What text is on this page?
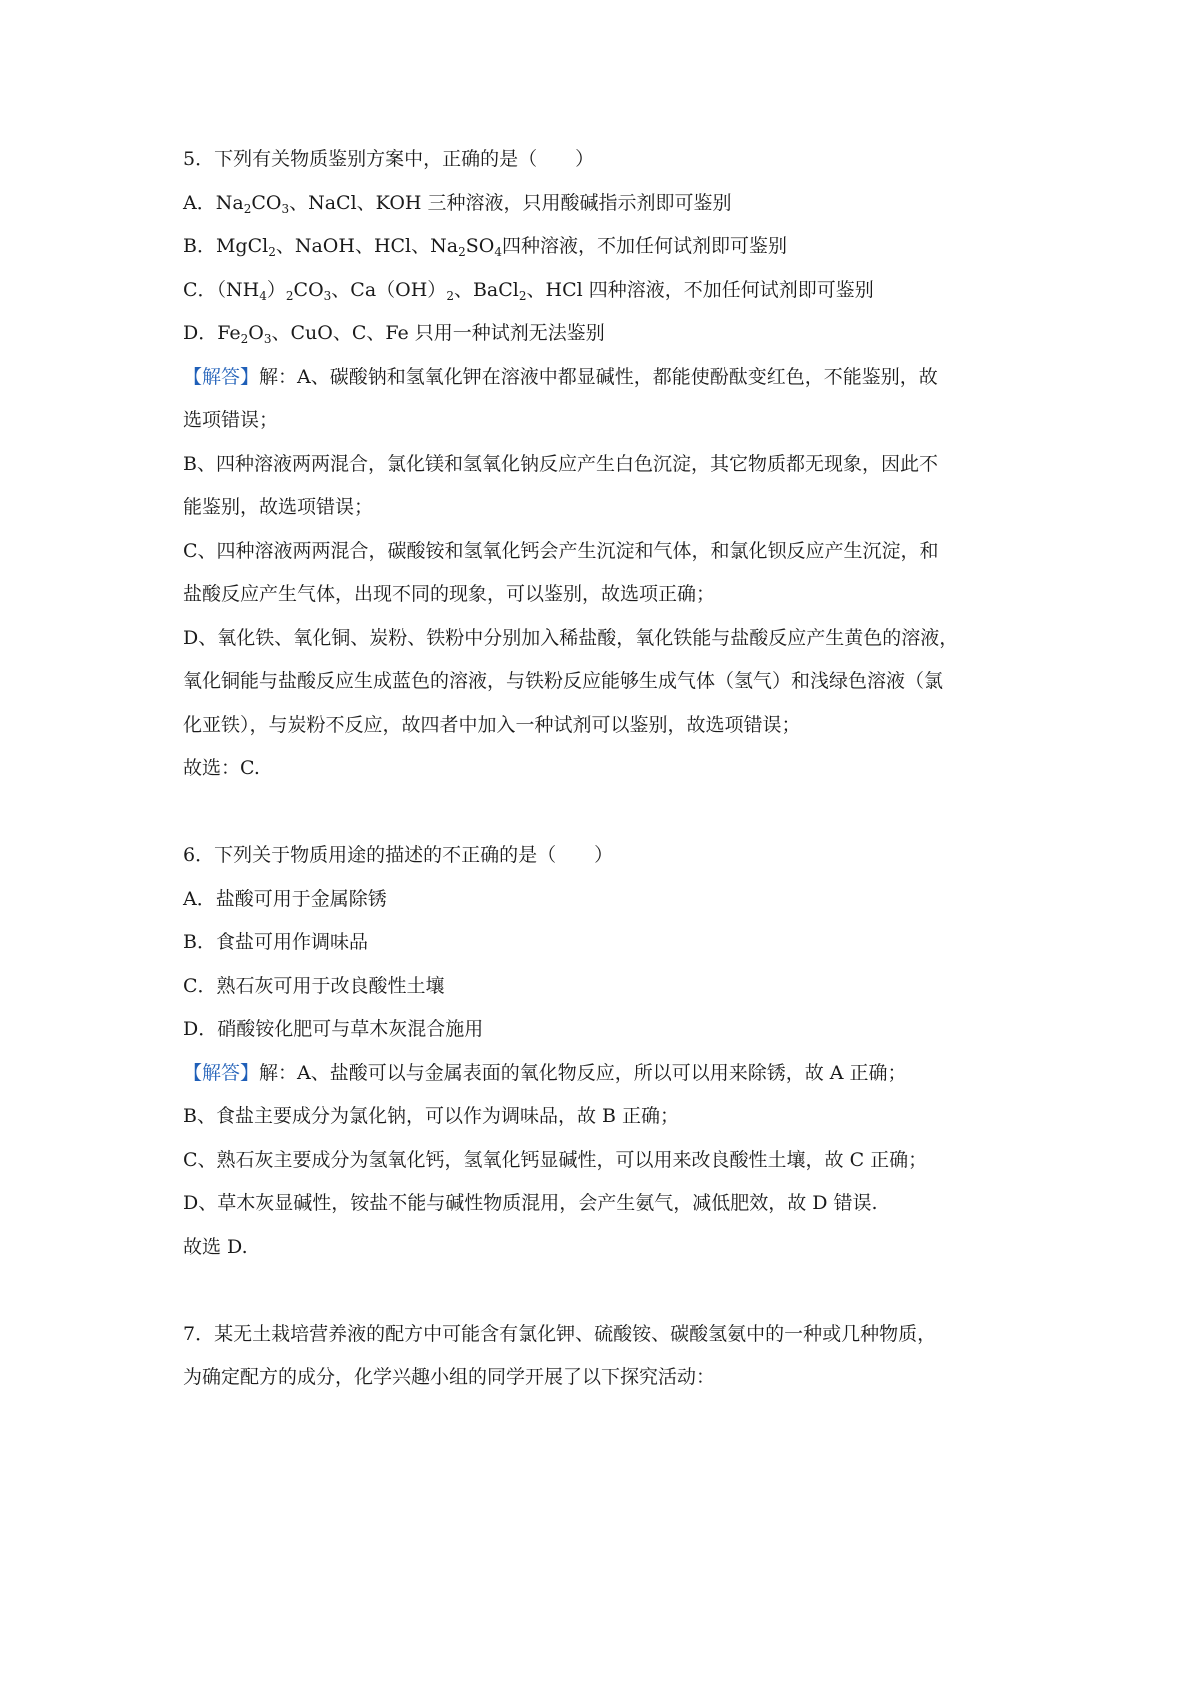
5．下列有关物质鉴别方案中，正确的是（　　）
A．$Na_2CO_3$、NaCl、KOH 三种溶液，只用酸碱指示剂即可鉴别
B．MgCl$_2$、NaOH、HCl、$Na_2SO_4$四种溶液，不加任何试剂即可鉴别
C．$(NH_4)_2CO_3$、$Ca(OH)_2$、BaCl$_2$、HCl 四种溶液，不加任何试剂即可鉴别
D．$Fe_2O_3$、CuO、C、Fe 只用一种试剂无法鉴别
【解答】解：A、碳酸钠和氢氧化钾在溶液中都显碱性，都能使酚酞变红色，不能鉴别，故
选项错误；
B、四种溶液两两混合，氯化镁和氢氧化钠反应产生白色沉淀，其它物质都无现象，因此不
能鉴别，故选项错误；
C、四种溶液两两混合，碳酸铵和氢氧化钙会产生沉淀和气体，和氯化钡反应产生沉淀，和
盐酸反应产生气体，出现不同的现象，可以鉴别，故选项正确；
D、氧化铁、氧化铜、炭粉、铁粉中分别加入稀盐酸，氧化铁能与盐酸反应产生黄色的溶液，
氧化铜能与盐酸反应生成蓝色的溶液，与铁粉反应能够生成气体（氢气）和浅绿色溶液（氯
化亚铁），与炭粉不反应，故四者中加入一种试剂可以鉴别，故选项错误；
故选：C.
6．下列关于物质用途的描述的不正确的是（　　）
A．盐酸可用于金属除锈
B．食盐可用作调味品
C．熟石灰可用于改良酸性土壤
D．硝酸铵化肥可与草木灰混合施用
【解答】解：A、盐酸可以与金属表面的氧化物反应，所以可以用来除锈，故 A 正确；
B、食盐主要成分为氯化钠，可以作为调味品，故 B 正确；
C、熟石灰主要成分为氢氧化钙，氢氧化钙显碱性，可以用来改良酸性土壤，故 C 正确；
D、草木灰显碱性，铵盐不能与碱性物质混用，会产生氨气，减低肥效，故 D 错误.
故选 D.
7．某无土栽培营养液的配方中可能含有氯化钾、硫酸铵、碳酸氢氨中的一种或几种物质，
为确定配方的成分，化学兴趣小组的同学开展了以下探究活动：
